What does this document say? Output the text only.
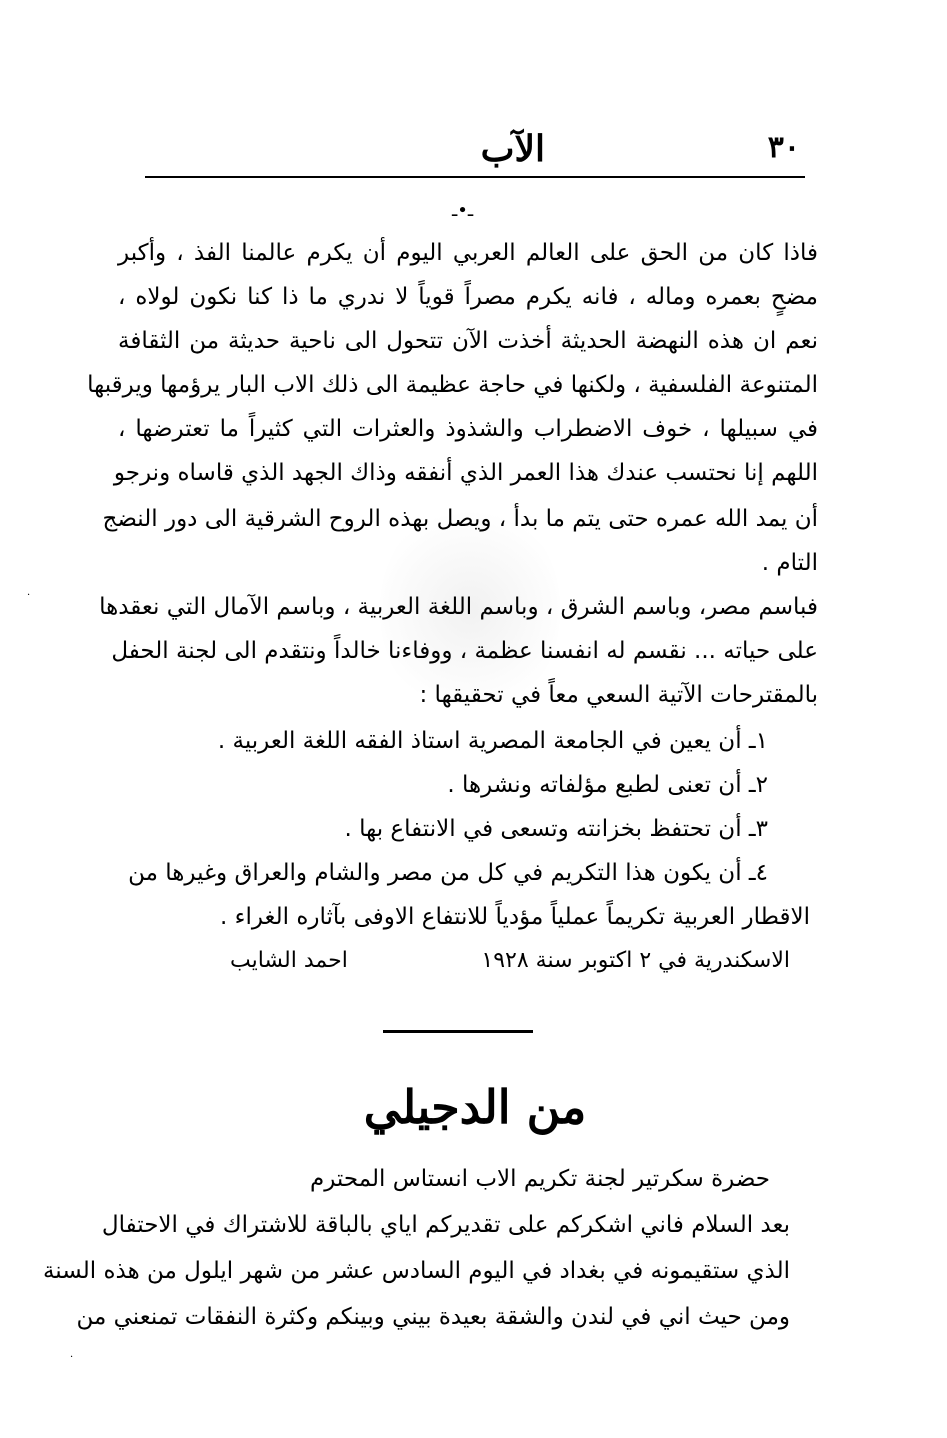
٣٠
الآب
ـ•ـ
فاذا كان من الحق على العالم العربي اليوم أن يكرم عالمنا الفذ ، وأكبر
مضحٍ بعمره وماله ، فانه يكرم مصراً قوياً لا ندري ما ذا كنا نكون لولاه ،
نعم ان هذه النهضة الحديثة أخذت الآن تتحول الى ناحية حديثة من الثقافة
المتنوعة الفلسفية ، ولكنها في حاجة عظيمة الى ذلك الاب البار يرؤمها ويرقبها
في سبيلها ، خوف الاضطراب والشذوذ والعثرات التي كثيراً ما تعترضها ،
اللهم إنا نحتسب عندك هذا العمر الذي أنفقه وذاك الجهد الذي قاساه ونرجو
أن يمد الله عمره حتى يتم ما بدأ ، ويصل بهذه الروح الشرقية الى دور النضج
التام .
فباسم مصر، وباسم الشرق ، وباسم اللغة العربية ، وباسم الآمال التي نعقدها
على حياته ... نقسم له انفسنا عظمة ، ووفاءنا خالداً ونتقدم الى لجنة الحفل
بالمقترحات الآتية السعي معاً في تحقيقها :
١ـ أن يعين في الجامعة المصرية استاذ الفقه اللغة العربية .
٢ـ أن تعنى لطبع مؤلفاته ونشرها .
٣ـ أن تحتفظ بخزانته وتسعى في الانتفاع بها .
٤ـ أن يكون هذا التكريم في كل من مصر والشام والعراق وغيرها من
الاقطار العربية تكريماً عملياً مؤدياً للانتفاع الاوفى بآثاره الغراء .
الاسكندرية في ٢ اكتوبر سنة ١٩٢٨
احمد الشايب
من الدجيلي
حضرة سكرتير لجنة تكريم الاب انستاس المحترم
بعد السلام فاني اشكركم على تقديركم اياي بالباقة للاشتراك في الاحتفال
الذي ستقيمونه في بغداد في اليوم السادس عشر من شهر ايلول من هذه السنة
ومن حيث اني في لندن والشقة بعيدة بيني وبينكم وكثرة النفقات تمنعني من
·
·
